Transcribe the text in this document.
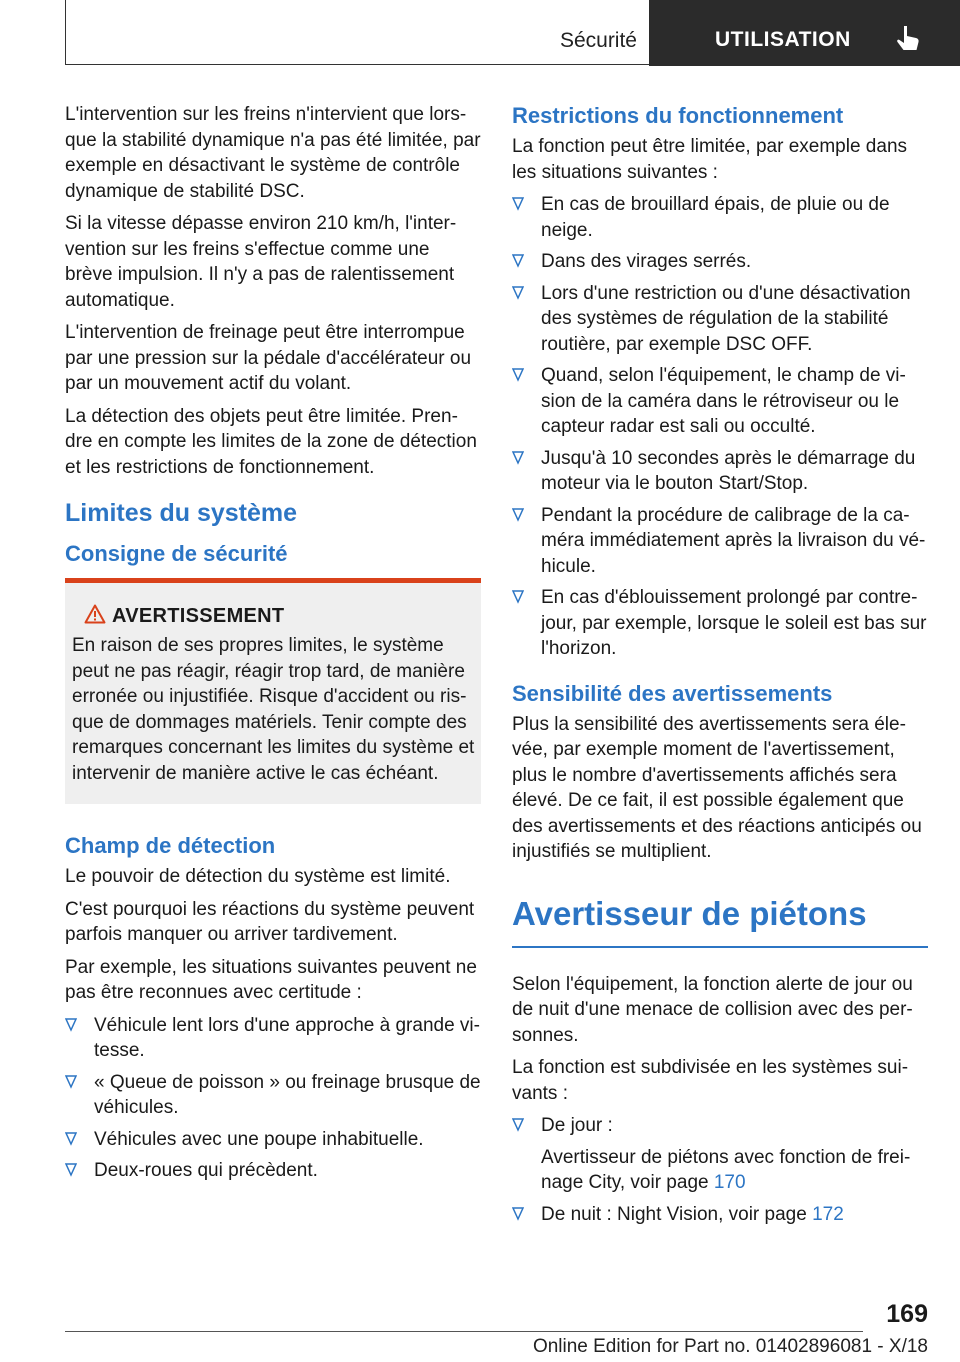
Sécurité	UTILISATION

L'intervention sur les freins n'intervient que lors-que la stabilité dynamique n'a pas été limitée, par exemple en désactivant le système de contrôle dynamique de stabilité DSC.

Si la vitesse dépasse environ 210 km/h, l'inter-vention sur les freins s'effectue comme une brève impulsion. Il n'y a pas de ralentissement automatique.

L'intervention de freinage peut être interrompue par une pression sur la pédale d'accélérateur ou par un mouvement actif du volant.

La détection des objets peut être limitée. Pren-dre en compte les limites de la zone de détection et les restrictions de fonctionnement.

Limites du système
Consigne de sécurité
AVERTISSEMENT
En raison de ses propres limites, le système peut ne pas réagir, réagir trop tard, de manière erronée ou injustifiée. Risque d'accident ou ris-que de dommages matériels. Tenir compte des remarques concernant les limites du système et intervenir de manière active le cas échéant.
Champ de détection

Le pouvoir de détection du système est limité.

C'est pourquoi les réactions du système peuvent parfois manquer ou arriver tardivement.

Par exemple, les situations suivantes peuvent ne pas être reconnues avec certitude :

Véhicule lent lors d'une approche à grande vi-tesse.
« Queue de poisson » ou freinage brusque de véhicules.
Véhicules avec une poupe inhabituelle.
Deux-roues qui précèdent.
Restrictions du fonctionnement

La fonction peut être limitée, par exemple dans les situations suivantes :

En cas de brouillard épais, de pluie ou de neige.
Dans des virages serrés.
Lors d'une restriction ou d'une désactivation des systèmes de régulation de la stabilité routière, par exemple DSC OFF.
Quand, selon l'équipement, le champ de vi-sion de la caméra dans le rétroviseur ou le capteur radar est sali ou occulté.
Jusqu'à 10 secondes après le démarrage du moteur via le bouton Start/Stop.
Pendant la procédure de calibrage de la ca-méra immédiatement après la livraison du vé-hicule.
En cas d'éblouissement prolongé par contre-jour, par exemple, lorsque le soleil est bas sur l'horizon.
Sensibilité des avertissements

Plus la sensibilité des avertissements sera éle-vée, par exemple moment de l'avertissement, plus le nombre d'avertissements affichés sera élevé. De ce fait, il est possible également que des avertissements et des réactions anticipés ou injustifiés se multiplient.

Avertisseur de piétons

Selon l'équipement, la fonction alerte de jour ou de nuit d'une menace de collision avec des per-sonnes.

La fonction est subdivisée en les systèmes sui-vants :

De jour :
Avertisseur de piétons avec fonction de frei-nage City, voir page 170
De nuit : Night Vision, voir page 172
169
Online Edition for Part no. 01402896081 - X/18
